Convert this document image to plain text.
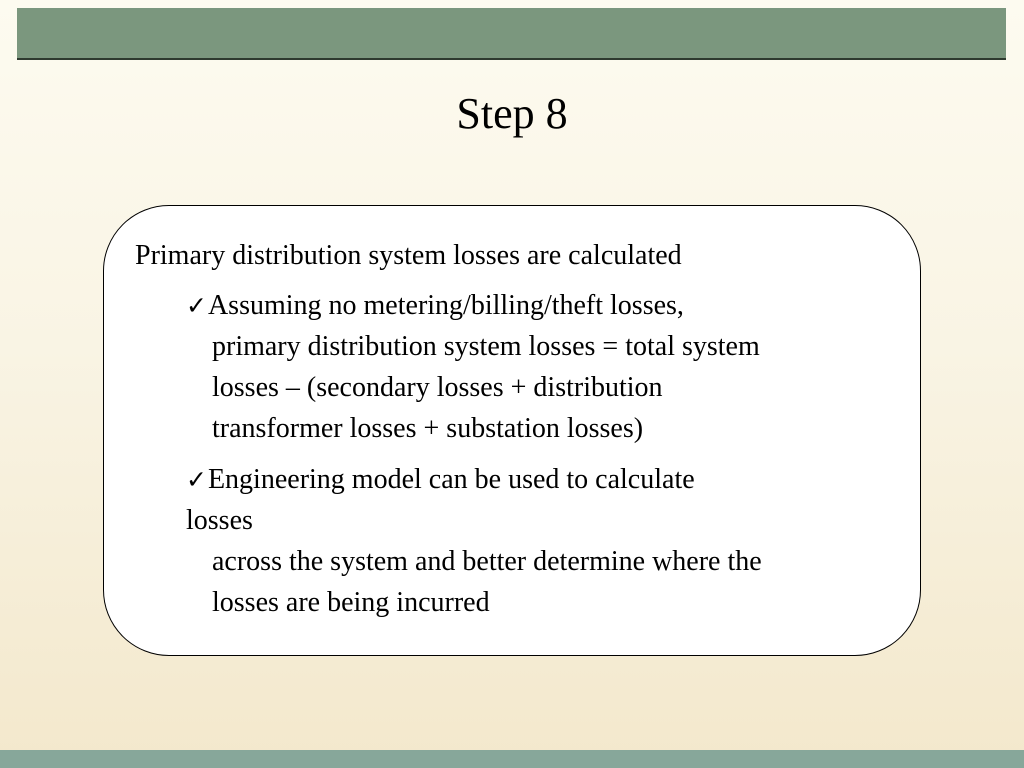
Step 8

Primary distribution system losses are calculated

✓Assuming no metering/billing/theft losses,
primary distribution system losses = total system
losses – (secondary losses + distribution
transformer losses + substation losses)
✓Engineering model can be used to calculate
losses
across the system and better determine where the
losses are being incurred
